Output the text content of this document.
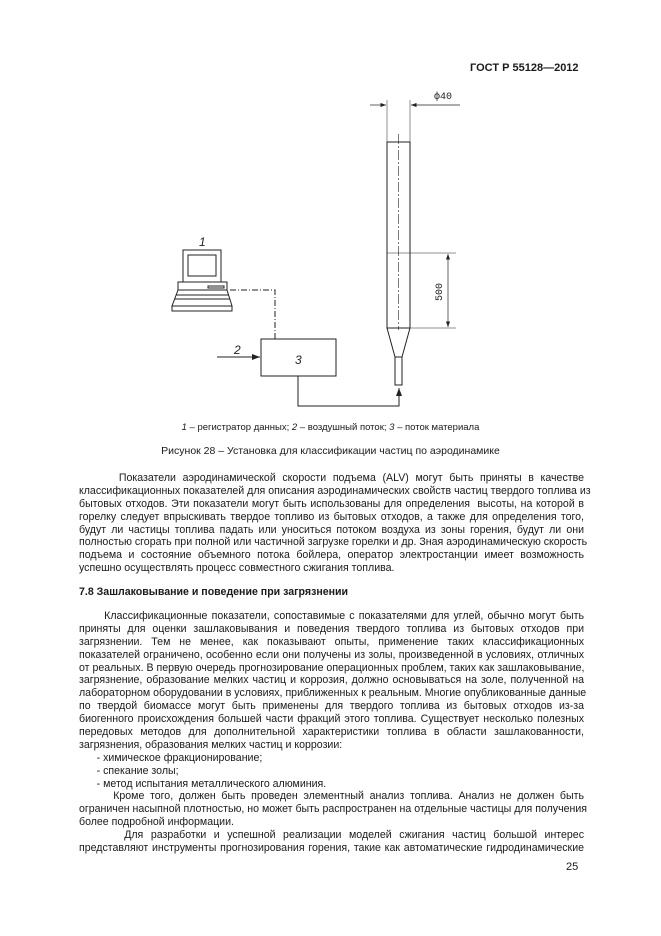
ГОСТ Р 55128—2012
ф40
500
1
2
3
1 – регистратор данных; 2 – воздушный поток; 3 – поток материала
Рисунок 28 – Установка для классификации частиц по аэродинамике
Показатели аэродинамической скорости подъема (ALV) могут быть приняты в качестве
классификационных показателей для описания аэродинамических свойств частиц твердого топлива из
бытовых отходов. Эти показатели могут быть использованы для определения  высоты, на которой в
горелку следует впрыскивать твердое топливо из бытовых отходов, а также для определения того,
будут ли частицы топлива падать или уноситься потоком воздуха из зоны горения, будут ли они
полностью сгорать при полной или частичной загрузке горелки и др. Зная аэродинамическую скорость
подъема и состояние объемного потока бойлера, оператор электростанции имеет возможность
успешно осуществлять процесс совместного сжигания топлива.
7.8 Зашлаковывание и поведение при загрязнении
Классификационные показатели, сопоставимые с показателями для углей, обычно могут быть
приняты для оценки зашлаковывания и поведения твердого топлива из бытовых отходов при
загрязнении. Тем не менее, как показывают опыты, применение таких классификационных
показателей ограничено, особенно если они получены из золы, произведенной в условиях, отличных
от реальных. В первую очередь прогнозирование операционных проблем, таких как зашлаковывание,
загрязнение, образование мелких частиц и коррозия, должно основываться на золе, полученной на
лабораторном оборудовании в условиях, приближенных к реальным. Многие опубликованные данные
по твердой биомассе могут быть применены для твердого топлива из бытовых отходов из-за
биогенного происхождения большей части фракций этого топлива. Существует несколько полезных
передовых методов для дополнительной характеристики топлива в области зашлакованности,
загрязнения, образования мелких частиц и коррозии:
- химическое фракционирование;
- спекание золы;
- метод испытания металлического алюминия.
Кроме того, должен быть проведен элементный анализ топлива. Анализ не должен быть
ограничен насыпной плотностью, но может быть распространен на отдельные частицы для получения
более подробной информации.
Для разработки и успешной реализации моделей сжигания частиц большой интерес
представляют инструменты прогнозирования горения, такие как автоматические гидродинамические
25
